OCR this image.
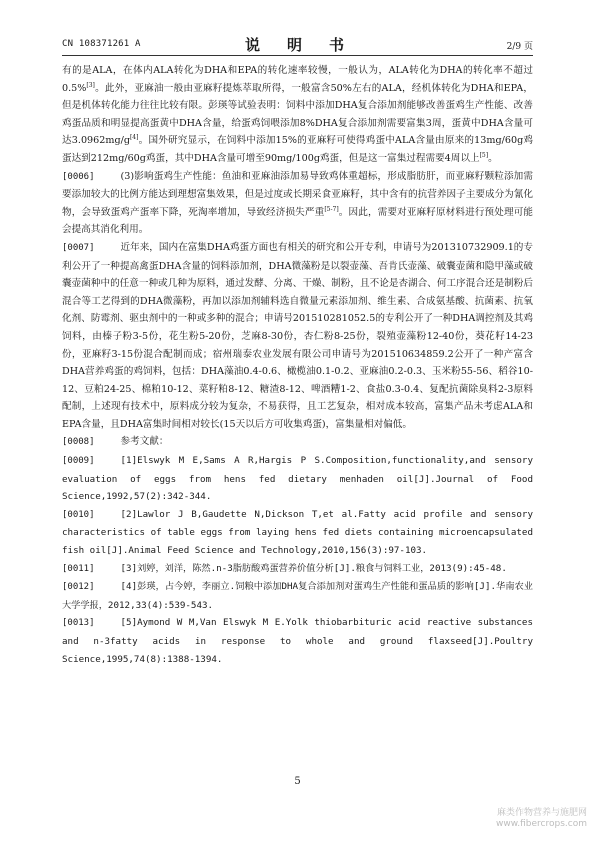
CN 108371261 A	说　明　书	2/9 页

有的是ALA，在体内ALA转化为DHA和EPA的转化速率较慢，一般认为，ALA转化为DHA的转化率不超过0.5%[3]。此外，亚麻油一般由亚麻籽提炼萃取所得，一般富含50%左右的ALA，经机体转化为DHA和EPA，但是机体转化能力往往比较有限。彭瑛等试验表明：饲料中添加DHA复合添加剂能够改善蛋鸡生产性能、改善鸡蛋品质和明显提高蛋黄中DHA含量，给蛋鸡饲喂添加8%DHA复合添加剂需要富集3周，蛋黄中DHA含量可达3.0962mg/g[4]。国外研究显示，在饲料中添加15%的亚麻籽可使得鸡蛋中ALA含量由原来的13mg/60g鸡蛋达到212mg/60g鸡蛋，其中DHA含量可增至90mg/100g鸡蛋，但是这一富集过程需要4周以上[5]。

[0006]	(3)影响蛋鸡生产性能：鱼油和亚麻油添加易导致鸡体重超标，形成脂肪肝，而亚麻籽颗粒添加需要添加较大的比例方能达到理想富集效果，但是过度或长期采食亚麻籽，其中含有的抗营养因子主要成分为氰化物，会导致蛋鸡产蛋率下降，死淘率增加，导致经济损失严重[5-7]。因此，需要对亚麻籽原材料进行预处理可能会提高其消化利用。

[0007]	近年来，国内在富集DHA鸡蛋方面也有相关的研究和公开专利，申请号为201310732909.1的专利公开了一种提高禽蛋DHA含量的饲料添加剂，DHA微藻粉是以裂壶藻、吾肯氏壶藻、破囊壶菌和隐甲藻或破囊壶菌种中的任意一种或几种为原料，通过发酵、分离、干燥、制粉，且不论是杏湖合、何工序混合还是制粉后混合等工艺得到的DHA微藻粉，再加以添加剂辅料选自微量元素添加剂、维生素、合成氨基酸、抗菌素、抗氧化剂、防霉剂、驱虫剂中的一种或多种的混合；申请号201510281052.5的专利公开了一种DHA调控剂及其鸡饲料，由榛子粉3-5份，花生粉5-20份，芝麻8-30份，杏仁粉8-25份，裂殖壶藻粉12-40份，葵花籽14-23份，亚麻籽3-15份混合配制而成；宿州瑞泰农业发展有限公司申请号为201510634859.2公开了一种产富含DHA营养鸡蛋的鸡饲料，包括：DHA藻油0.4-0.6、橄榄油0.1-0.2、亚麻油0.2-0.3、玉米粉55-56、稻谷10-12、豆粕24-25、棉粕10-12、菜籽粕8-12、糖渣8-12、啤酒糟1-2、食盐0.3-0.4、复配抗菌除臭料2-3原料配制，上述现有技术中，原料成分较为复杂，不易获得，且工艺复杂，相对成本较高，富集产品未考虑ALA和EPA含量，且DHA富集时间相对较长(15天以后方可收集鸡蛋)，富集量相对偏低。

[0008]	参考文献：

[0009]	[1]Elswyk M E,Sams A R,Hargis P S.Composition,functionality,and sensory evaluation of eggs from hens fed dietary menhaden oil[J].Journal of Food Science,1992,57(2):342-344.

[0010]	[2]Lawlor J B,Gaudette N,Dickson T,et al.Fatty acid profile and sensory characteristics of table eggs from laying hens fed diets containing microencapsulated fish oil[J].Animal Feed Science and Technology,2010,156(3):97-103.

[0011]	[3]刘婷，刘洋，陈然.n-3脂肪酸鸡蛋营养价值分析[J].粮食与饲料工业，2013(9):45-48.

[0012]	[4]彭瑛，占今婷，李丽立.饲粮中添加DHA复合添加剂对蛋鸡生产性能和蛋品质的影响[J].华南农业大学学报，2012,33(4):539-543.

[0013]	[5]Aymond W M,Van Elswyk M E.Yolk thiobarbituric acid reactive substances and n-3fatty acids in response to whole and ground flaxseed[J].Poultry Science,1995,74(8):1388-1394.

5
麻类作物营养与施肥网
www.fibercrops.com
